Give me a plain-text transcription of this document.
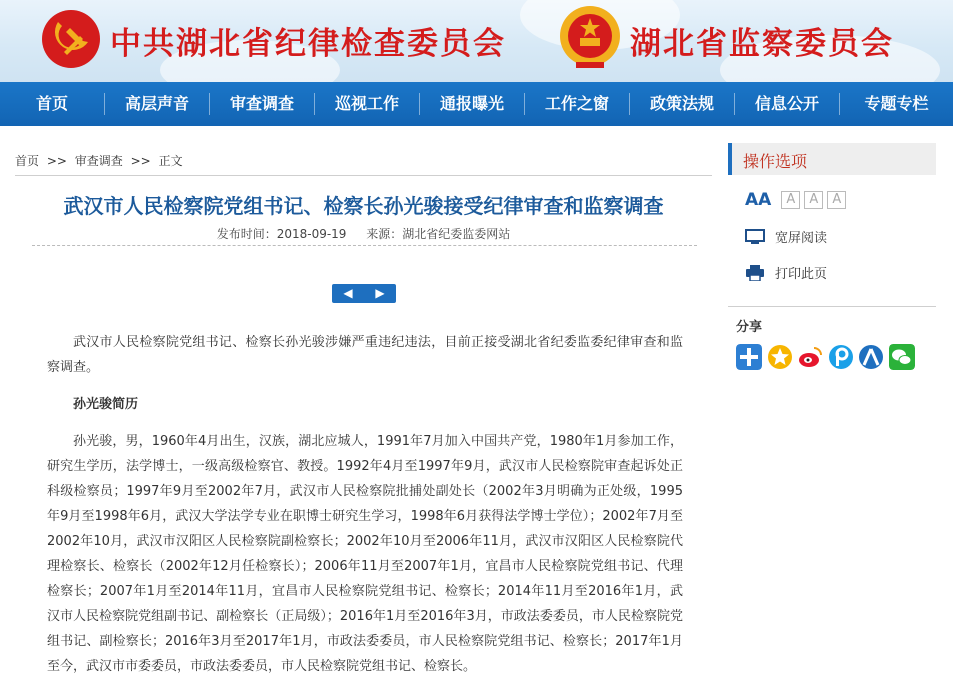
中共湖北省纪律检查委员会	湖北省监察委员会
首页	高层声音	审查调查	巡视工作	通报曝光	工作之窗	政策法规	信息公开	专题专栏
首页 >> 审查调查 >> 正文
武汉市人民检察院党组书记、检察长孙光骏接受纪律审查和监察调查
发布时间：2018-09-19 来源：湖北省纪委监委网站
◀ ▶

武汉市人民检察院党组书记、检察长孙光骏涉嫌严重违纪违法，目前正接受湖北省纪委监委纪律审查和监察调查。

孙光骏简历

孙光骏，男，1960年4月出生，汉族，湖北应城人，1991年7月加入中国共产党，1980年1月参加工作，研究生学历，法学博士，一级高级检察官、教授。1992年4月至1997年9月，武汉市人民检察院审查起诉处正科级检察员；1997年9月至2002年7月，武汉市人民检察院批捕处副处长（2002年3月明确为正处级，1995年9月至1998年6月，武汉大学法学专业在职博士研究生学习，1998年6月获得法学博士学位）；2002年7月至2002年10月，武汉市汉阳区人民检察院副检察长；2002年10月至2006年11月，武汉市汉阳区人民检察院代理检察长、检察长（2002年12月任检察长）；2006年11月至2007年1月，宜昌市人民检察院党组书记、代理检察长；2007年1月至2014年11月，宜昌市人民检察院党组书记、检察长；2014年11月至2016年1月，武汉市人民检察院党组副书记、副检察长（正局级）；2016年1月至2016年3月，市政法委委员，市人民检察院党组书记、副检察长；2016年3月至2017年1月，市政法委委员，市人民检察院党组书记、检察长；2017年1月至今，武汉市市委委员，市政法委委员，市人民检察院党组书记、检察长。

操作选项
AA	A	A	A
宽屏阅读
打印此页
分享
